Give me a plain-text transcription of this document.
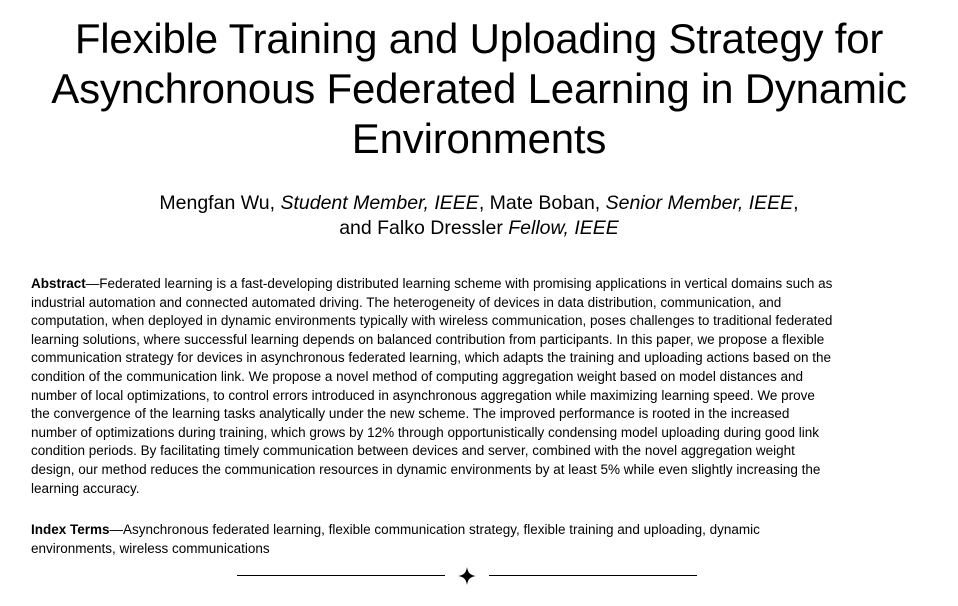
Flexible Training and Uploading Strategy for
Asynchronous Federated Learning in Dynamic
Environments
Mengfan Wu, Student Member, IEEE, Mate Boban, Senior Member, IEEE,
and Falko Dressler Fellow, IEEE
Abstract—Federated learning is a fast-developing distributed learning scheme with promising applications in vertical domains such as
industrial automation and connected automated driving. The heterogeneity of devices in data distribution, communication, and
computation, when deployed in dynamic environments typically with wireless communication, poses challenges to traditional federated
learning solutions, where successful learning depends on balanced contribution from participants. In this paper, we propose a flexible
communication strategy for devices in asynchronous federated learning, which adapts the training and uploading actions based on the
condition of the communication link. We propose a novel method of computing aggregation weight based on model distances and
number of local optimizations, to control errors introduced in asynchronous aggregation while maximizing learning speed. We prove
the convergence of the learning tasks analytically under the new scheme. The improved performance is rooted in the increased
number of optimizations during training, which grows by 12% through opportunistically condensing model uploading during good link
condition periods. By facilitating timely communication between devices and server, combined with the novel aggregation weight
design, our method reduces the communication resources in dynamic environments by at least 5% while even slightly increasing the
learning accuracy.
Index Terms—Asynchronous federated learning, flexible communication strategy, flexible training and uploading, dynamic
environments, wireless communications
